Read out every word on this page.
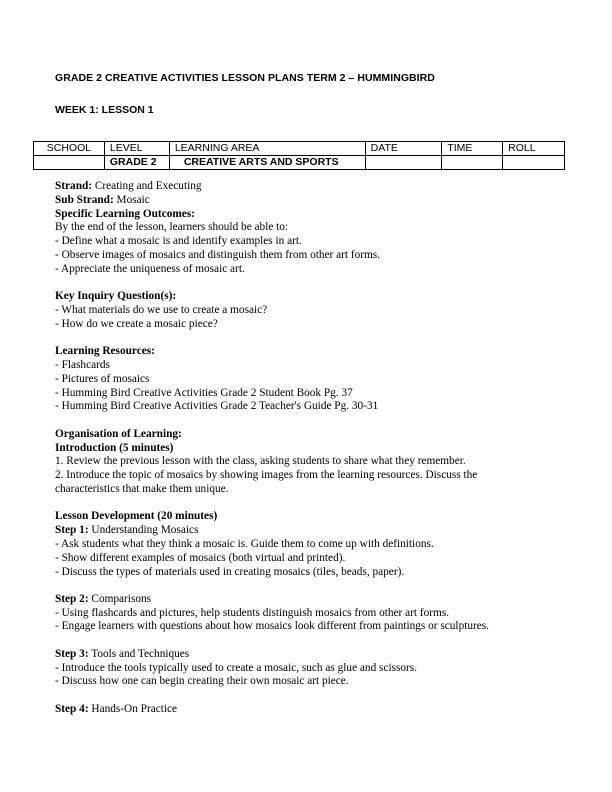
GRADE 2 CREATIVE ACTIVITIES LESSON PLANS TERM 2 – HUMMINGBIRD
WEEK 1: LESSON 1
SCHOOL	LEVEL	LEARNING AREA	DATE	TIME	ROLL
	GRADE 2	CREATIVE ARTS AND SPORTS			

Strand: Creating and Executing

Sub Strand: Mosaic

Specific Learning Outcomes:

By the end of the lesson, learners should be able to:

- Define what a mosaic is and identify examples in art.

- Observe images of mosaics and distinguish them from other art forms.

- Appreciate the uniqueness of mosaic art.

Key Inquiry Question(s):

- What materials do we use to create a mosaic?

- How do we create a mosaic piece?

Learning Resources:

- Flashcards

- Pictures of mosaics

- Humming Bird Creative Activities Grade 2 Student Book Pg. 37

- Humming Bird Creative Activities Grade 2 Teacher's Guide Pg. 30-31

Organisation of Learning:

Introduction (5 minutes)

1. Review the previous lesson with the class, asking students to share what they remember.

2. Introduce the topic of mosaics by showing images from the learning resources. Discuss the

characteristics that make them unique.

Lesson Development (20 minutes)

Step 1: Understanding Mosaics

- Ask students what they think a mosaic is. Guide them to come up with definitions.

- Show different examples of mosaics (both virtual and printed).

- Discuss the types of materials used in creating mosaics (tiles, beads, paper).

Step 2: Comparisons

- Using flashcards and pictures, help students distinguish mosaics from other art forms.

- Engage learners with questions about how mosaics look different from paintings or sculptures.

Step 3: Tools and Techniques

- Introduce the tools typically used to create a mosaic, such as glue and scissors.

- Discuss how one can begin creating their own mosaic art piece.

Step 4: Hands-On Practice
